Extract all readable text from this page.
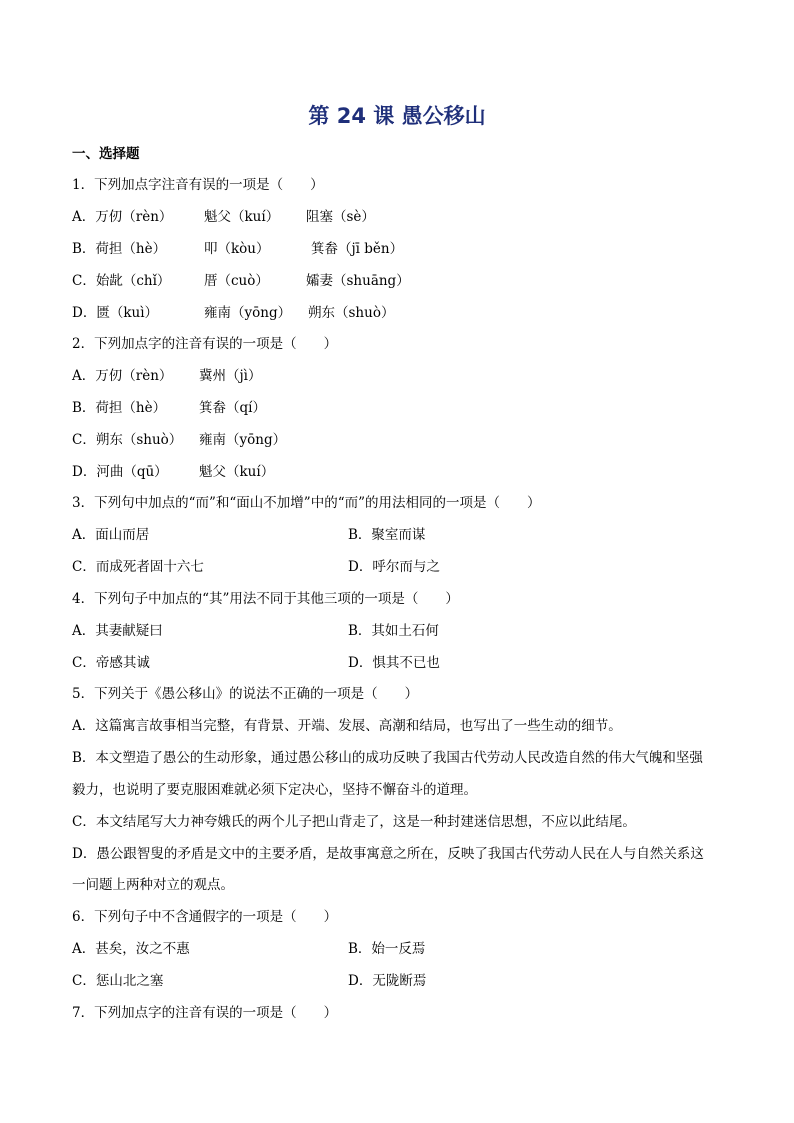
第 24 课 愚公移山
一、选择题
1．下列加点字注音有误的一项是（　　）
A．万仞（rèn） 魁父（kuí） 阻塞（sè）
B．荷担（hè）	叩（kòu）	箕畚（jī běn）
C．始龀（chǐ） 厝（cuò）	孀妻（shuāng）
D．匮（kuì）	雍南（yōng） 朔东（shuò）
2．下列加点字的注音有误的一项是（　　）
A．万仞（rèn） 冀州（jì）
B．荷担（hè） 箕畚（qí）
C．朔东（shuò） 雍南（yōng）
D．河曲（qū） 魁父（kuí）
3．下列句中加点的“而”和“面山不加增”中的“而”的用法相同的一项是（　　）
A．面山而居	B．聚室而谋
C．而成死者固十六七	D．呼尔而与之
4．下列句子中加点的“其”用法不同于其他三项的一项是（　　）
A．其妻献疑曰	B．其如土石何
C．帝感其诚	D．惧其不已也
5．下列关于《愚公移山》的说法不正确的一项是（　　）
A．这篇寓言故事相当完整，有背景、开端、发展、高潮和结局，也写出了一些生动的细节。
B．本文塑造了愚公的生动形象，通过愚公移山的成功反映了我国古代劳动人民改造自然的伟大气魄和坚强
毅力，也说明了要克服困难就必须下定决心，坚持不懈奋斗的道理。
C．本文结尾写大力神夸娥氏的两个儿子把山背走了，这是一种封建迷信思想，不应以此结尾。
D．愚公跟智叟的矛盾是文中的主要矛盾，是故事寓意之所在，反映了我国古代劳动人民在人与自然关系这
一问题上两种对立的观点。
6．下列句子中不含通假字的一项是（　　）
A．甚矣，汝之不惠	B．始一反焉
C．惩山北之塞	D．无陇断焉
7．下列加点字的注音有误的一项是（　　）
